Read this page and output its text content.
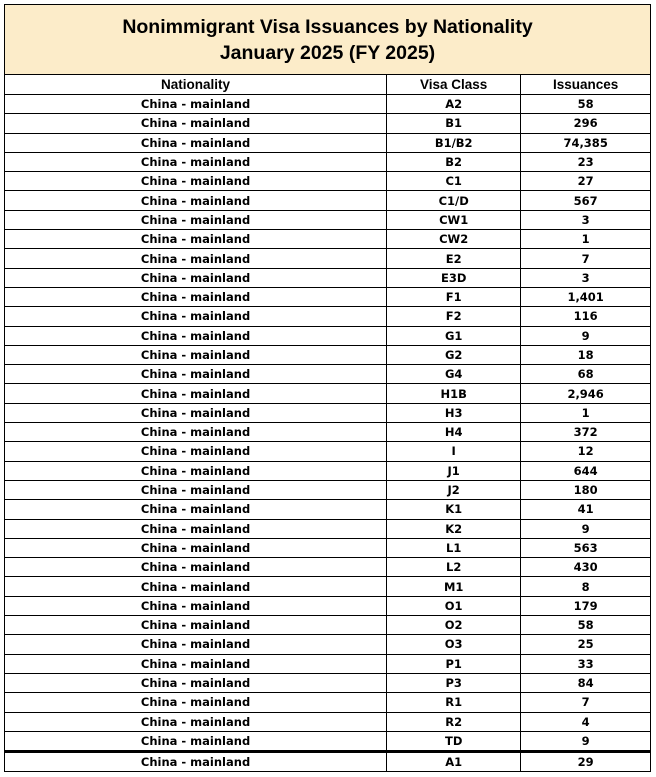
Nonimmigrant Visa Issuances by Nationality
January 2025 (FY 2025)
Nationality	Visa Class	Issuances
China - mainland	A2	58
China - mainland	B1	296
China - mainland	B1/B2	74,385
China - mainland	B2	23
China - mainland	C1	27
China - mainland	C1/D	567
China - mainland	CW1	3
China - mainland	CW2	1
China - mainland	E2	7
China - mainland	E3D	3
China - mainland	F1	1,401
China - mainland	F2	116
China - mainland	G1	9
China - mainland	G2	18
China - mainland	G4	68
China - mainland	H1B	2,946
China - mainland	H3	1
China - mainland	H4	372
China - mainland	I	12
China - mainland	J1	644
China - mainland	J2	180
China - mainland	K1	41
China - mainland	K2	9
China - mainland	L1	563
China - mainland	L2	430
China - mainland	M1	8
China - mainland	O1	179
China - mainland	O2	58
China - mainland	O3	25
China - mainland	P1	33
China - mainland	P3	84
China - mainland	R1	7
China - mainland	R2	4
China - mainland	TD	9
China - mainland	A1	29
